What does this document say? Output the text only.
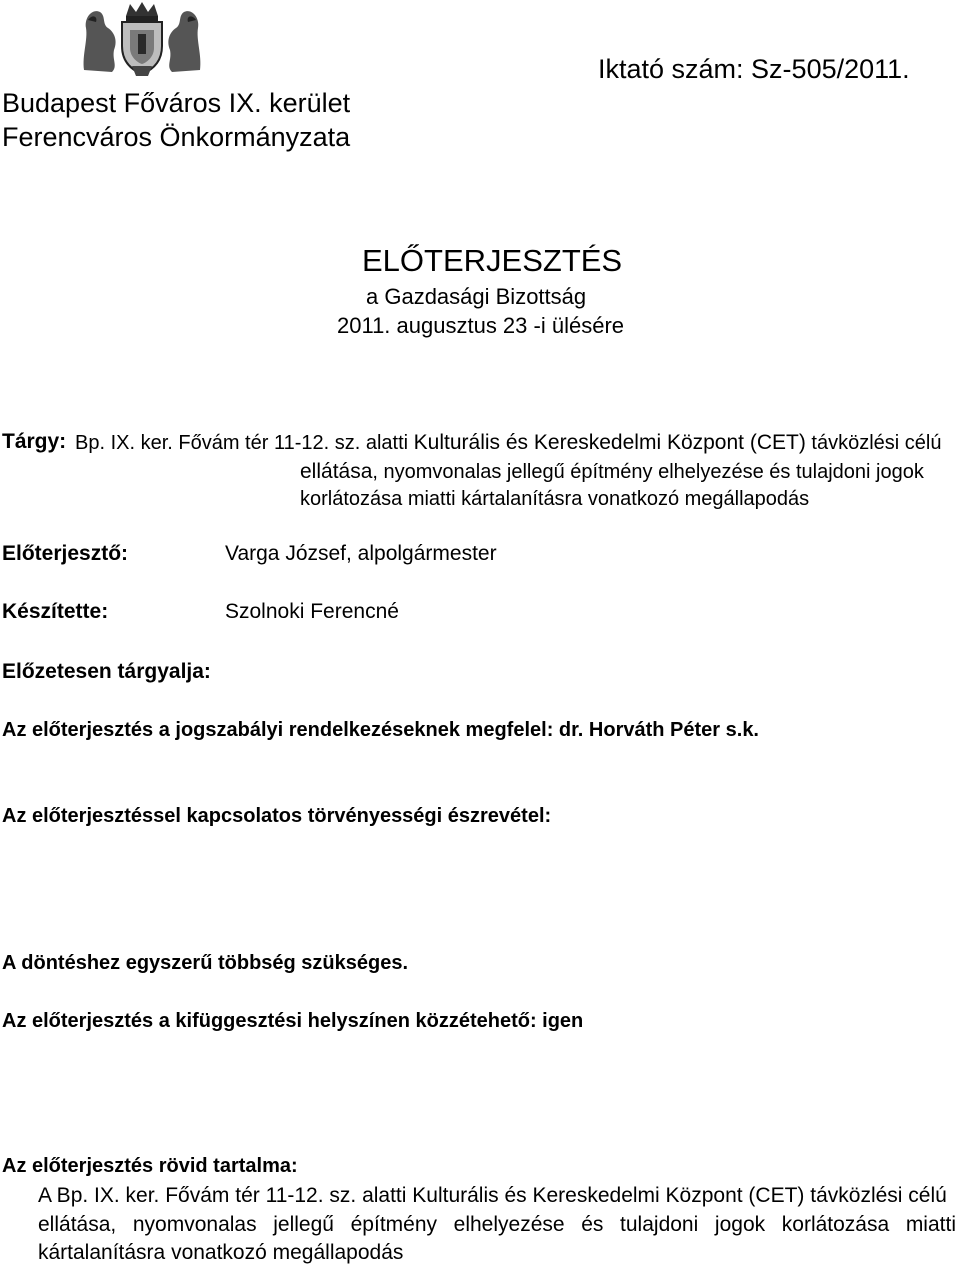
Budapest Főváros IX. kerület
Ferencváros Önkormányzata
Iktató szám: Sz-505/2011.
ELŐTERJESZTÉS
a Gazdasági Bizottság
2011. augusztus 23 -i ülésére
Tárgy: Bp. IX. ker. Fővám tér 11-12. sz. alatti Kulturális és Kereskedelmi Központ (CET) távközlési célú
ellátása, nyomvonalas jellegű építmény elhelyezése és tulajdoni jogok
korlátozása miatti kártalanításra vonatkozó megállapodás
Előterjesztő:	Varga József, alpolgármester
Készítette:	Szolnoki Ferencné
Előzetesen tárgyalja:
Az előterjesztés a jogszabályi rendelkezéseknek megfelel: dr. Horváth Péter s.k.
Az előterjesztéssel kapcsolatos törvényességi észrevétel:
A döntéshez egyszerű többség szükséges.
Az előterjesztés a kifüggesztési helyszínen közzétehető: igen
Az előterjesztés rövid tartalma:
A Bp. IX. ker. Fővám tér 11-12. sz. alatti Kulturális és Kereskedelmi Központ (CET) távközlési célú
ellátása, nyomvonalas jellegű építmény elhelyezése és tulajdoni jogok korlátozása miatti
kártalanításra vonatkozó megállapodás
